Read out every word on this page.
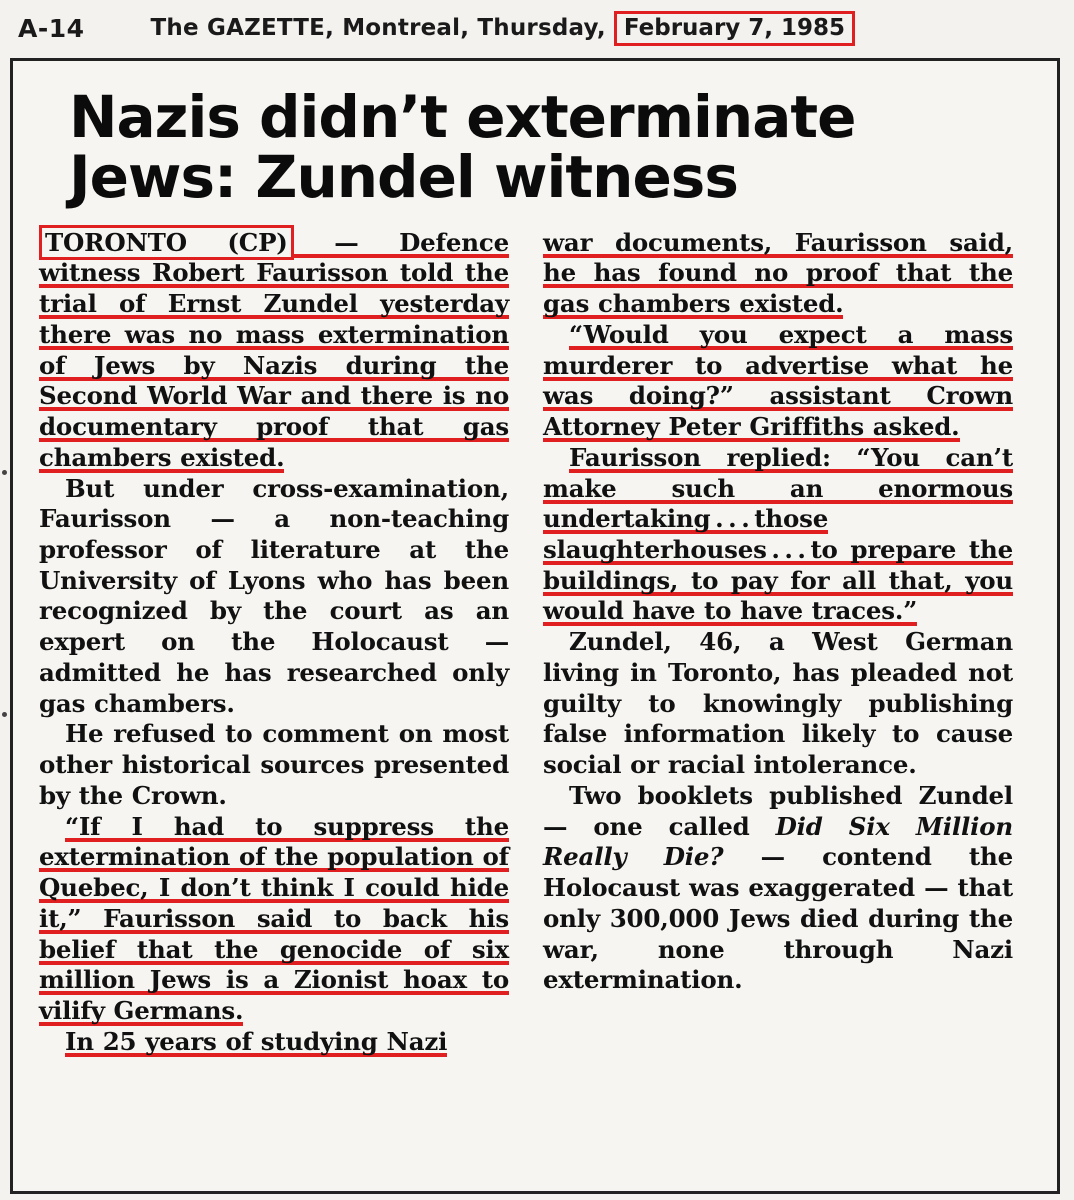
A-14	The GAZETTE, Montreal, Thursday, February 7, 1985
Nazis didn’t exterminate
Jews: Zundel witness

TORONTO (CP) — Defence witness Robert Faurisson told the trial of Ernst Zundel yesterday there was no mass extermination of Jews by Nazis during the Second World War and there is no documentary proof that gas chambers existed.

But under cross-examination, Faurisson — a non-teaching professor of literature at the University of Lyons who has been recognized by the court as an expert on the Holocaust — admitted he has researched only gas chambers.

He refused to comment on most other historical sources presented by the Crown.

“If I had to suppress the extermination of the population of Quebec, I don’t think I could hide it,” Faurisson said to back his belief that the genocide of six million Jews is a Zionist hoax to vilify Germans.

In 25 years of studying Nazi

war documents, Faurisson said, he has found no proof that the gas chambers existed.

“Would you expect a mass murderer to advertise what he was doing?” assistant Crown Attorney Peter Griffiths asked.

Faurisson replied: “You can’t make such an enormous undertaking . . . those slaughterhouses . . . to prepare the buildings, to pay for all that, you would have to have traces.”

Zundel, 46, a West German living in Toronto, has pleaded not guilty to knowingly publishing false information likely to cause social or racial intolerance.

Two booklets published Zundel — one called Did Six Million Really Die? — contend the Holocaust was exaggerated — that only 300,000 Jews died during the war, none through Nazi extermination.
